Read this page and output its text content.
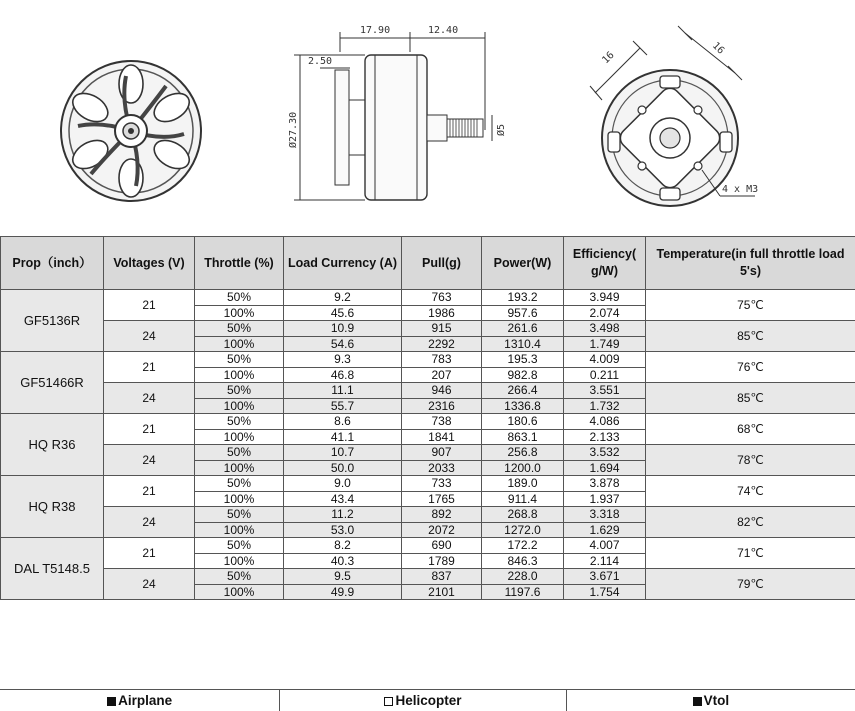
17.90	12.40
2.50
Ø27.30	Ø5
16
16
4 x M3
Prop（inch）	Voltages (V)	Throttle (%)	Load Currency (A)	Pull(g)	Power(W)	Efficiency( g/W)	Temperature(in full throttle load 5's)
GF5136R	21	50%	9.2	763	193.2	3.949	75℃
		100%	45.6	1986	957.6	2.074	
	24	50%	10.9	915	261.6	3.498	85℃
		100%	54.6	2292	1310.4	1.749	
GF51466R	21	50%	9.3	783	195.3	4.009	76℃
		100%	46.8	207	982.8	0.211	
	24	50%	11.1	946	266.4	3.551	85℃
		100%	55.7	2316	1336.8	1.732	
HQ R36	21	50%	8.6	738	180.6	4.086	68℃
		100%	41.1	1841	863.1	2.133	
	24	50%	10.7	907	256.8	3.532	78℃
		100%	50.0	2033	1200.0	1.694	
HQ R38	21	50%	9.0	733	189.0	3.878	74℃
		100%	43.4	1765	911.4	1.937	
	24	50%	11.2	892	268.8	3.318	82℃
		100%	53.0	2072	1272.0	1.629	
DAL T5148.5	21	50%	8.2	690	172.2	4.007	71℃
		100%	40.3	1789	846.3	2.114	
	24	50%	9.5	837	228.0	3.671	79℃
		100%	49.9	2101	1197.6	1.754	
Airplane	Helicopter	Vtol
